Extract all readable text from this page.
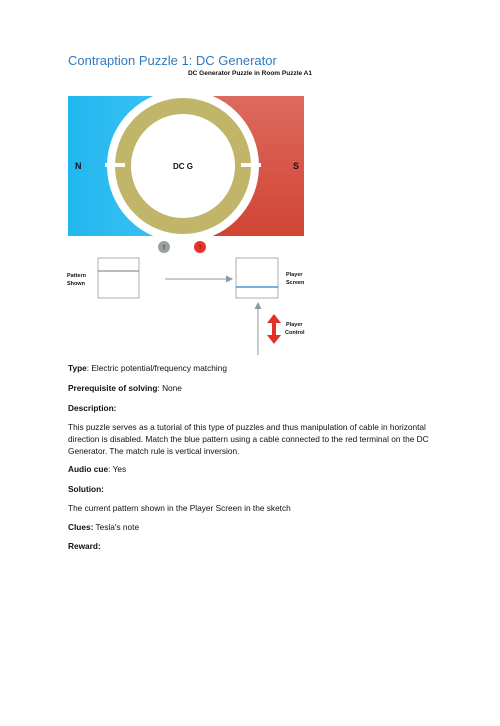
Contraption Puzzle 1: DC Generator
DC Generator Puzzle in Room Puzzle A1
N	S
DC G
T	T
Pattern
Shown
Player
Screen
Player
Control
Type: Electric potential/frequency matching
Prerequisite of solving: None
Description:
This puzzle serves as a tutorial of this type of puzzles and thus manipulation of cable in horizontal direction is disabled. Match the blue pattern using a cable connected to the red terminal on the DC Generator. The match rule is vertical inversion.
Audio cue: Yes
Solution:
The current pattern shown in the Player Screen in the sketch
Clues: Tesla's note
Reward:
